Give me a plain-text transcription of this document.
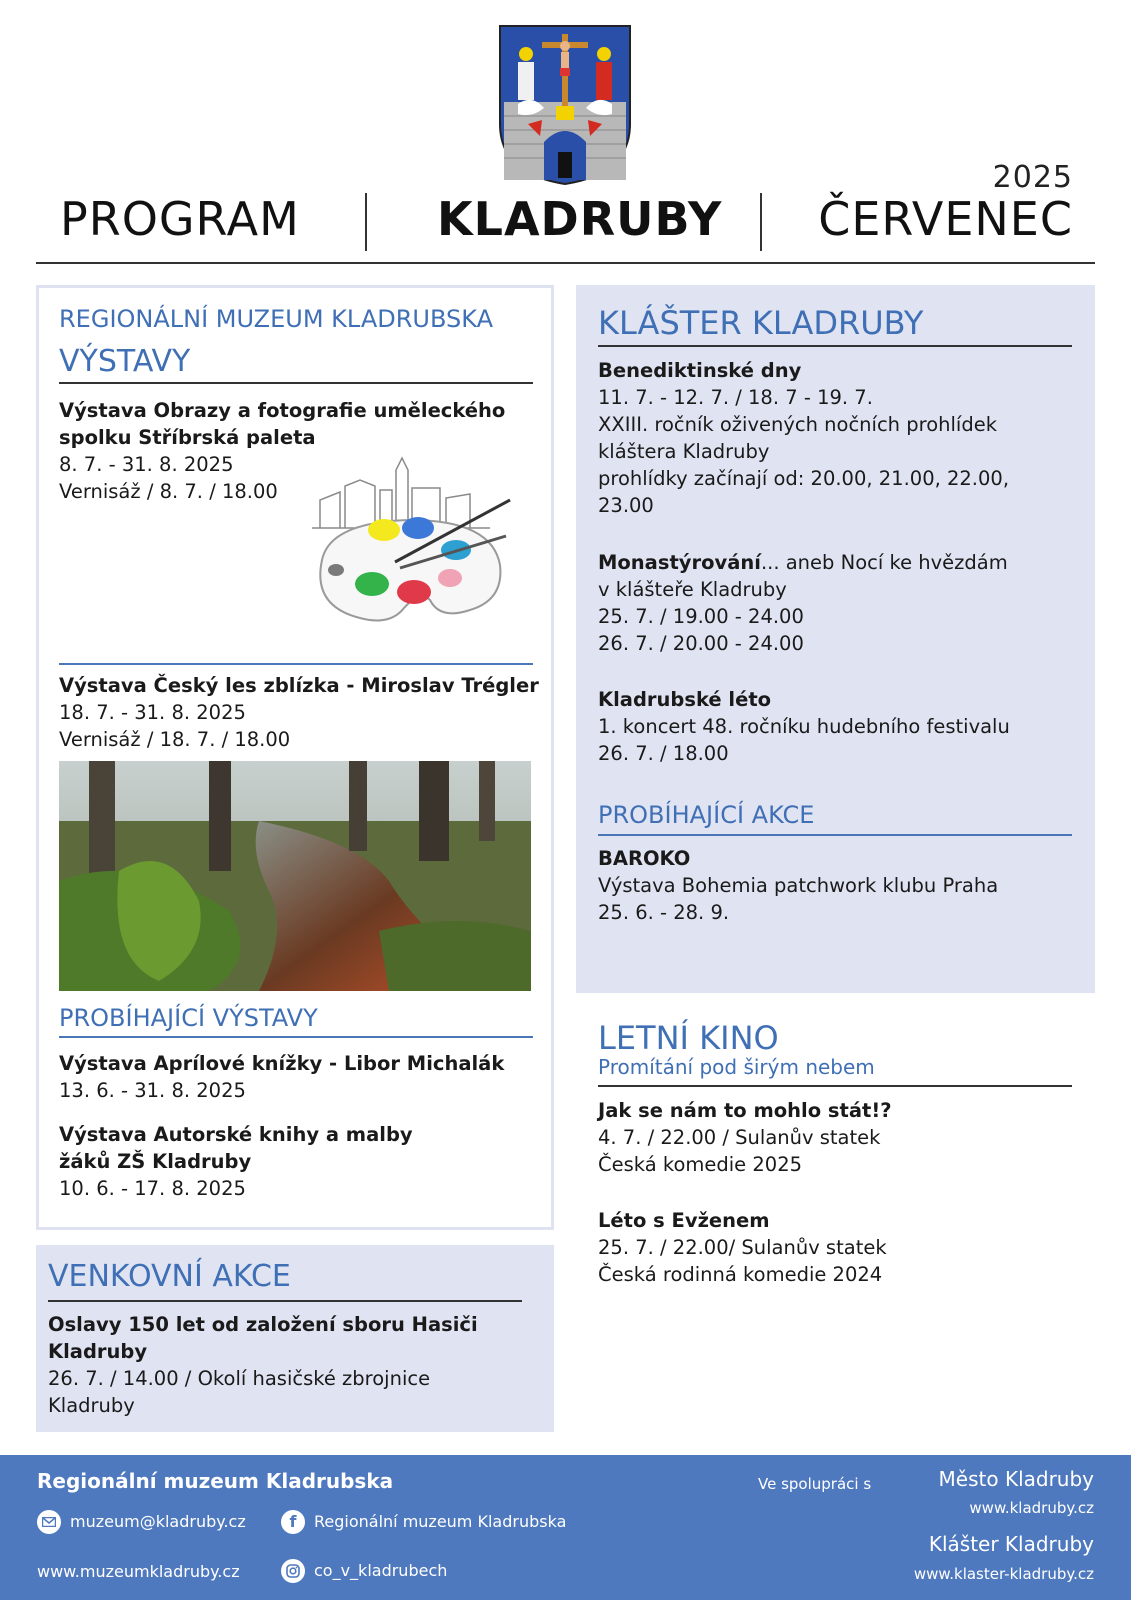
2025
PROGRAM	KLADRUBY ČERVENEC
REGIONÁLNÍ MUZEUM KLADRUBSKA
VÝSTAVY
Výstava Obrazy a fotografie uměleckého
spolku Stříbrská paleta
8. 7. - 31. 8. 2025
Vernisáž / 8. 7. / 18.00
Výstava Český les zblízka - Miroslav Trégler
18. 7. - 31. 8. 2025
Vernisáž / 18. 7. / 18.00
PROBÍHAJÍCÍ VÝSTAVY
Výstava Aprílové knížky - Libor Michalák
13. 6. - 31. 8. 2025
Výstava Autorské knihy a malby
žáků ZŠ Kladruby
10. 6. - 17. 8. 2025
VENKOVNÍ AKCE
Oslavy 150 let od založení sboru Hasiči
Kladruby
26. 7. / 14.00 / Okolí hasičské zbrojnice
Kladruby
KLÁŠTER KLADRUBY
Benediktinské dny
11. 7. - 12. 7. / 18. 7 - 19. 7.
XXIII. ročník oživených nočních prohlídek
kláštera Kladruby
prohlídky začínají od: 20.00, 21.00, 22.00,
23.00
Monastýrování... aneb Nocí ke hvězdám
v klášteře Kladruby
25. 7. / 19.00 - 24.00
26. 7. / 20.00 - 24.00
Kladrubské léto
1. koncert 48. ročníku hudebního festivalu
26. 7. / 18.00
PROBÍHAJÍCÍ AKCE
BAROKO
Výstava Bohemia patchwork klubu Praha
25. 6. - 28. 9.
LETNÍ KINO
Promítání pod širým nebem
Jak se nám to mohlo stát!?
4. 7. / 22.00 / Sulanův statek
Česká komedie 2025
Léto s Evženem
25. 7. / 22.00/ Sulanův statek
Česká rodinná komedie 2024
Regionální muzeum Kladrubska
muzeum@kladruby.cz	f Regionální muzeum Kladrubska
www.muzeumkladruby.cz	co_v_kladrubech
Ve spolupráci s	Město Kladruby
www.kladruby.cz
Klášter Kladruby
www.klaster-kladruby.cz
